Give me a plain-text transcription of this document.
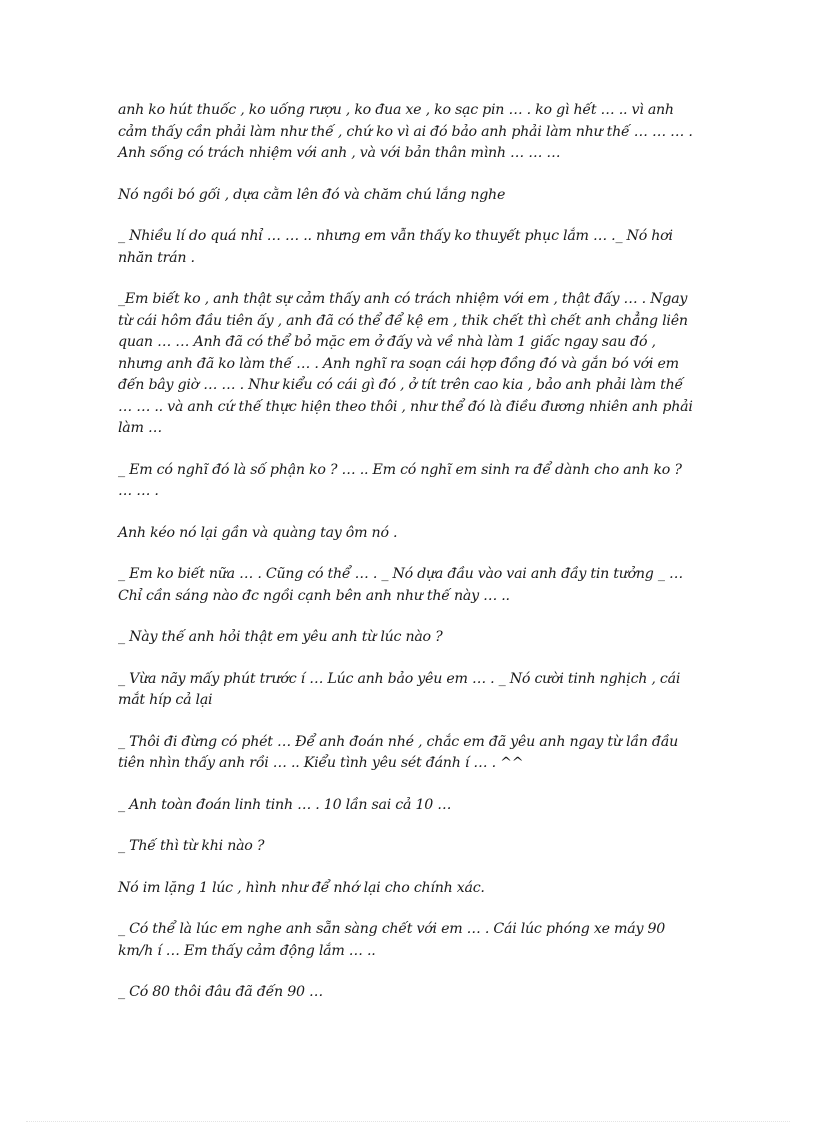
anh ko hút thuốc , ko uống rượu , ko đua xe , ko sạc pin … . ko gì hết … .. vì anh
cảm thấy cần phải làm như thế , chứ ko vì ai đó bảo anh phải làm như thế … … … .
Anh sống có trách nhiệm với anh , và với bản thân mình … … …

Nó ngồi bó gối , dựa cằm lên đó và chăm chú lắng nghe

_ Nhiều lí do quá nhỉ … … .. nhưng em vẫn thấy ko thuyết phục lắm … ._ Nó hơi
nhăn trán .

_Em biết ko , anh thật sự cảm thấy anh có trách nhiệm với em , thật đấy … . Ngay
từ cái hôm đầu tiên ấy , anh đã có thể để kệ em , thik chết thì chết anh chẳng liên
quan … … Anh đã có thể bỏ mặc em ở đấy và về nhà làm 1 giấc ngay sau đó ,
nhưng anh đã ko làm thế … . Anh nghĩ ra soạn cái hợp đồng đó và gắn bó với em
đến bây giờ … … . Như kiểu có cái gì đó , ở tít trên cao kia , bảo anh phải làm thế
… … .. và anh cứ thế thực hiện theo thôi , như thể đó là điều đương nhiên anh phải
làm …

_ Em có nghĩ đó là số phận ko ? … .. Em có nghĩ em sinh ra để dành cho anh ko ?
… … .

Anh kéo nó lại gần và quàng tay ôm nó .

_ Em ko biết nữa … . Cũng có thể … . _ Nó dựa đầu vào vai anh đầy tin tưởng _ …
Chỉ cần sáng nào đc ngồi cạnh bên anh như thế này … ..

_ Này thế anh hỏi thật em yêu anh từ lúc nào ?

_ Vừa nãy mấy phút trước í … Lúc anh bảo yêu em … . _ Nó cười tinh nghịch , cái
mắt híp cả lại

_ Thôi đi đừng có phét … Để anh đoán nhé , chắc em đã yêu anh ngay từ lần đầu
tiên nhìn thấy anh rồi … .. Kiểu tình yêu sét đánh í … . ^^

_ Anh toàn đoán linh tinh … . 10 lần sai cả 10 …

_ Thế thì từ khi nào ?

Nó im lặng 1 lúc , hình như để nhớ lại cho chính xác.

_ Có thể là lúc em nghe anh sẵn sàng chết với em … . Cái lúc phóng xe máy 90
km/h í … Em thấy cảm động lắm … ..

_ Có 80 thôi đâu đã đến 90 …
